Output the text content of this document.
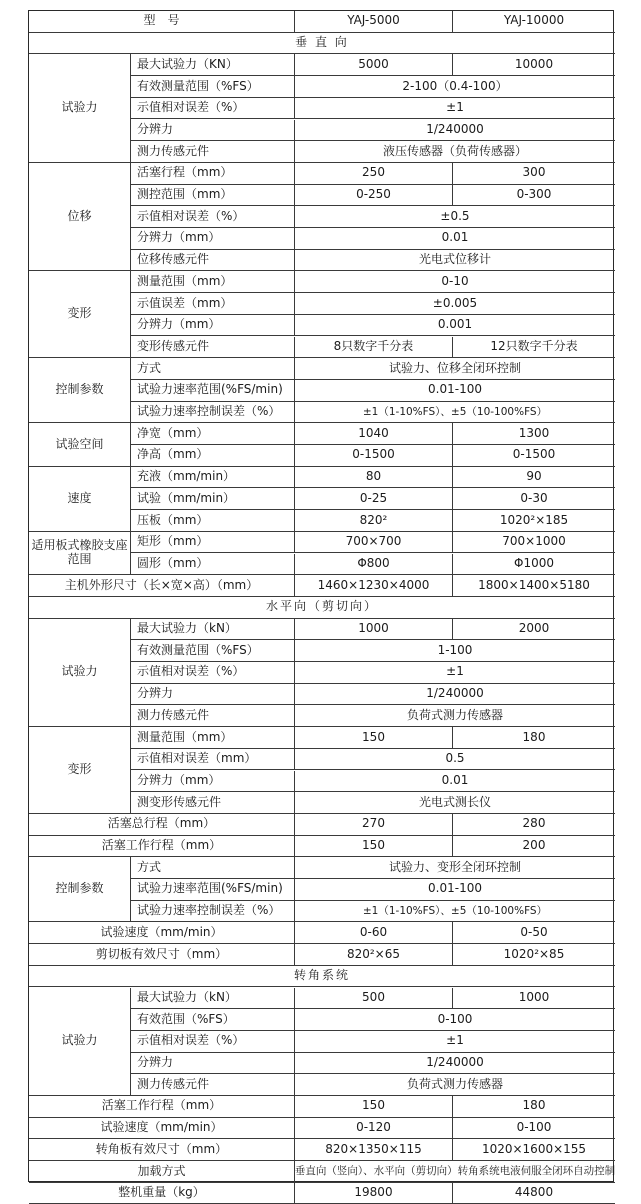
型　号	YAJ-5000	YAJ-10000
垂 直 向
试验力
最大试验力（KN）	5000	10000
有效测量范围（%FS）	2-100（0.4-100）
示值相对误差（%）	±1
分辨力	1/240000
测力传感元件	液压传感器（负荷传感器）
位移
活塞行程（mm）	250	300
测控范围（mm）	0-250	0-300
示值相对误差（%）	±0.5
分辨力（mm）	0.01
位移传感元件	光电式位移计
变形
测量范围（mm）	0-10
示值误差（mm）	±0.005
分辨力（mm）	0.001
变形传感元件	8只数字千分表	12只数字千分表
控制参数
方式	试验力、位移全闭环控制
试验力速率范围(%FS/min)	0.01-100
试验力速率控制误差（%）	±1（1-10%FS）、±5（10-100%FS）
试验空间
净宽（mm）	1040	1300
净高（mm）	0-1500	0-1500
速度
充液（mm/min）	80	90
试验（mm/min）	0-25	0-30
压板（mm）	820²	1020²×185
适用板式橡胶支座范围
矩形（mm）	700×700	700×1000
圆形（mm）	Φ800	Φ1000
主机外形尺寸（长×宽×高）（mm）	1460×1230×4000	1800×1400×5180
水平向（剪切向）
试验力
最大试验力（kN）	1000	2000
有效测量范围（%FS）	1-100
示值相对误差（%）	±1
分辨力	1/240000
测力传感元件	负荷式测力传感器
变形
测量范围（mm）	150	180
示值相对误差（mm）	0.5
分辨力（mm）	0.01
测变形传感元件	光电式测长仪
活塞总行程（mm）	270	280
活塞工作行程（mm）	150	200
控制参数
方式	试验力、变形全闭环控制
试验力速率范围(%FS/min)	0.01-100
试验力速率控制误差（%）	±1（1-10%FS）、±5（10-100%FS）
试验速度（mm/min）	0-60	0-50
剪切板有效尺寸（mm）	820²×65	1020²×85
转角系统
试验力
最大试验力（kN）	500	1000
有效范围（%FS）	0-100
示值相对误差（%）	±1
分辨力	1/240000
测力传感元件	负荷式测力传感器
活塞工作行程（mm）	150	180
试验速度（mm/min）	0-120	0-100
转角板有效尺寸（mm）	820×1350×115	1020×1600×155
加载方式	垂直向（竖向）、水平向（剪切向）转角系统电液伺服全闭环自动控制
整机重量（kg）	19800	44800
